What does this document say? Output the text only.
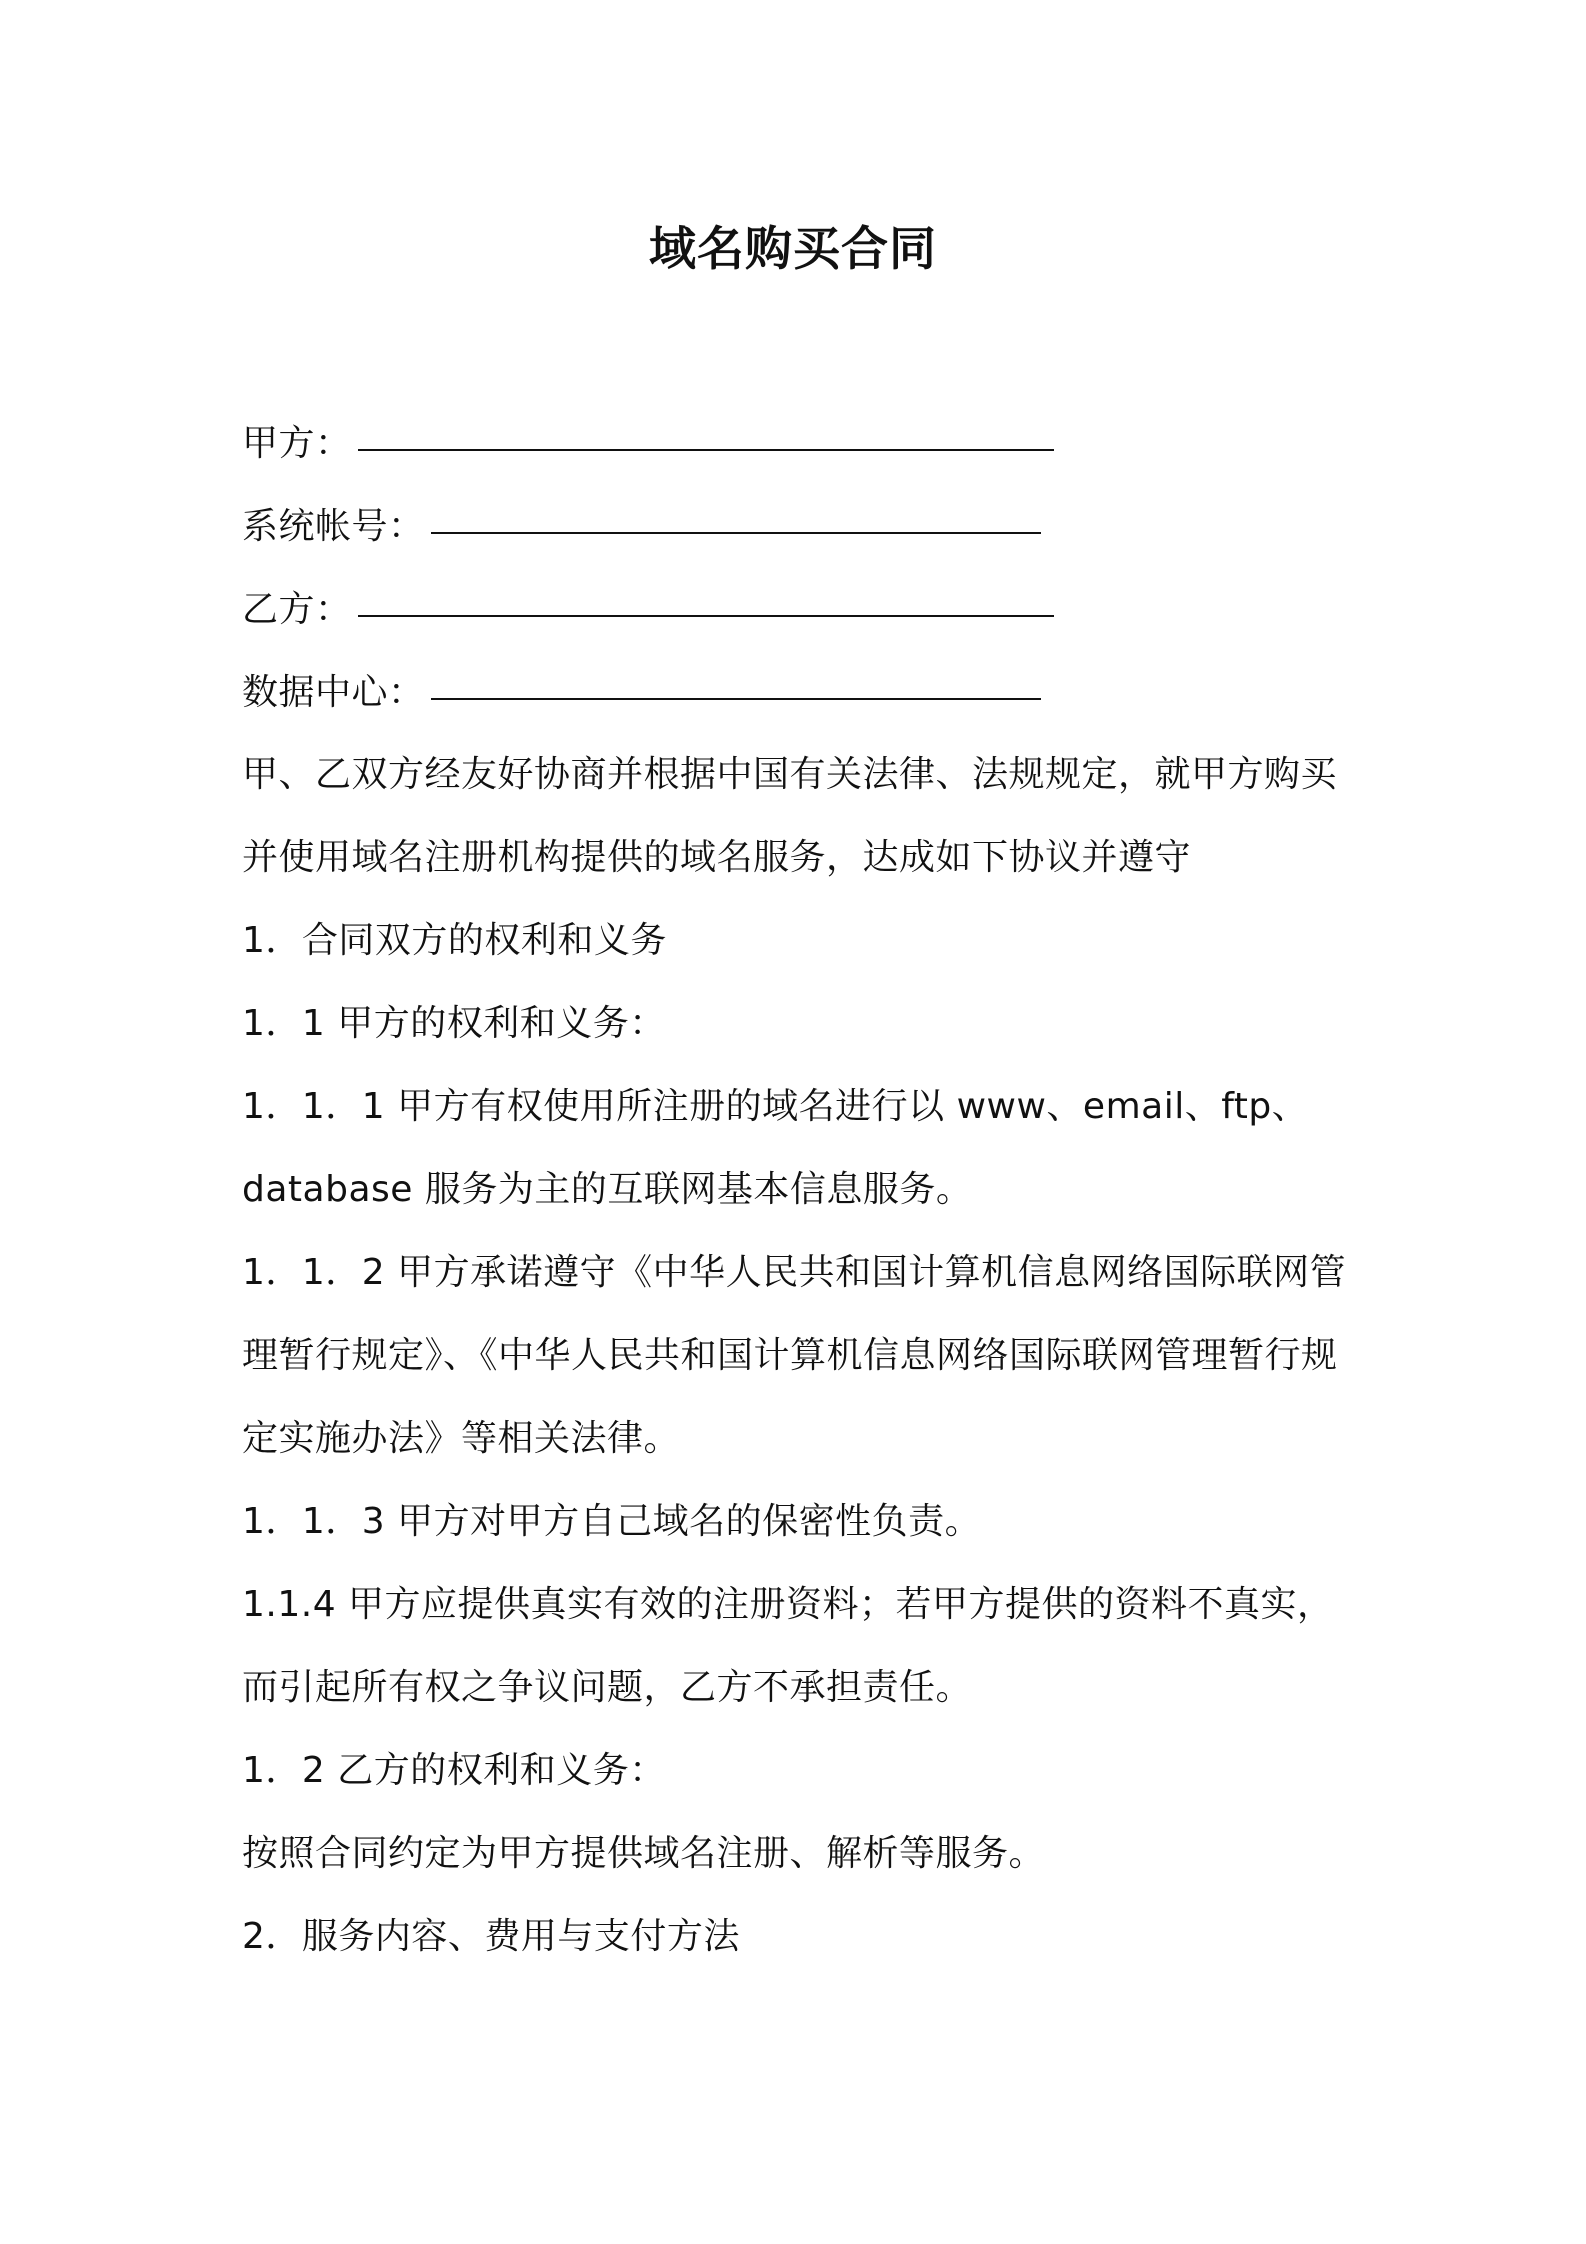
域名购买合同
甲方：
系统帐号：
乙方：
数据中心：
甲、乙双方经友好协商并根据中国有关法律、法规规定，就甲方购买
并使用域名注册机构提供的域名服务，达成如下协议并遵守
1．合同双方的权利和义务
1．1 甲方的权利和义务：
1．1．1 甲方有权使用所注册的域名进行以 www、email、ftp、
database 服务为主的互联网基本信息服务。
1．1．2 甲方承诺遵守《中华人民共和国计算机信息网络国际联网管
理暂行规定》、《中华人民共和国计算机信息网络国际联网管理暂行规
定实施办法》等相关法律。
1．1．3 甲方对甲方自己域名的保密性负责。
1.1.4 甲方应提供真实有效的注册资料；若甲方提供的资料不真实，
而引起所有权之争议问题，乙方不承担责任。
1．2 乙方的权利和义务：
按照合同约定为甲方提供域名注册、解析等服务。
2．服务内容、费用与支付方法
